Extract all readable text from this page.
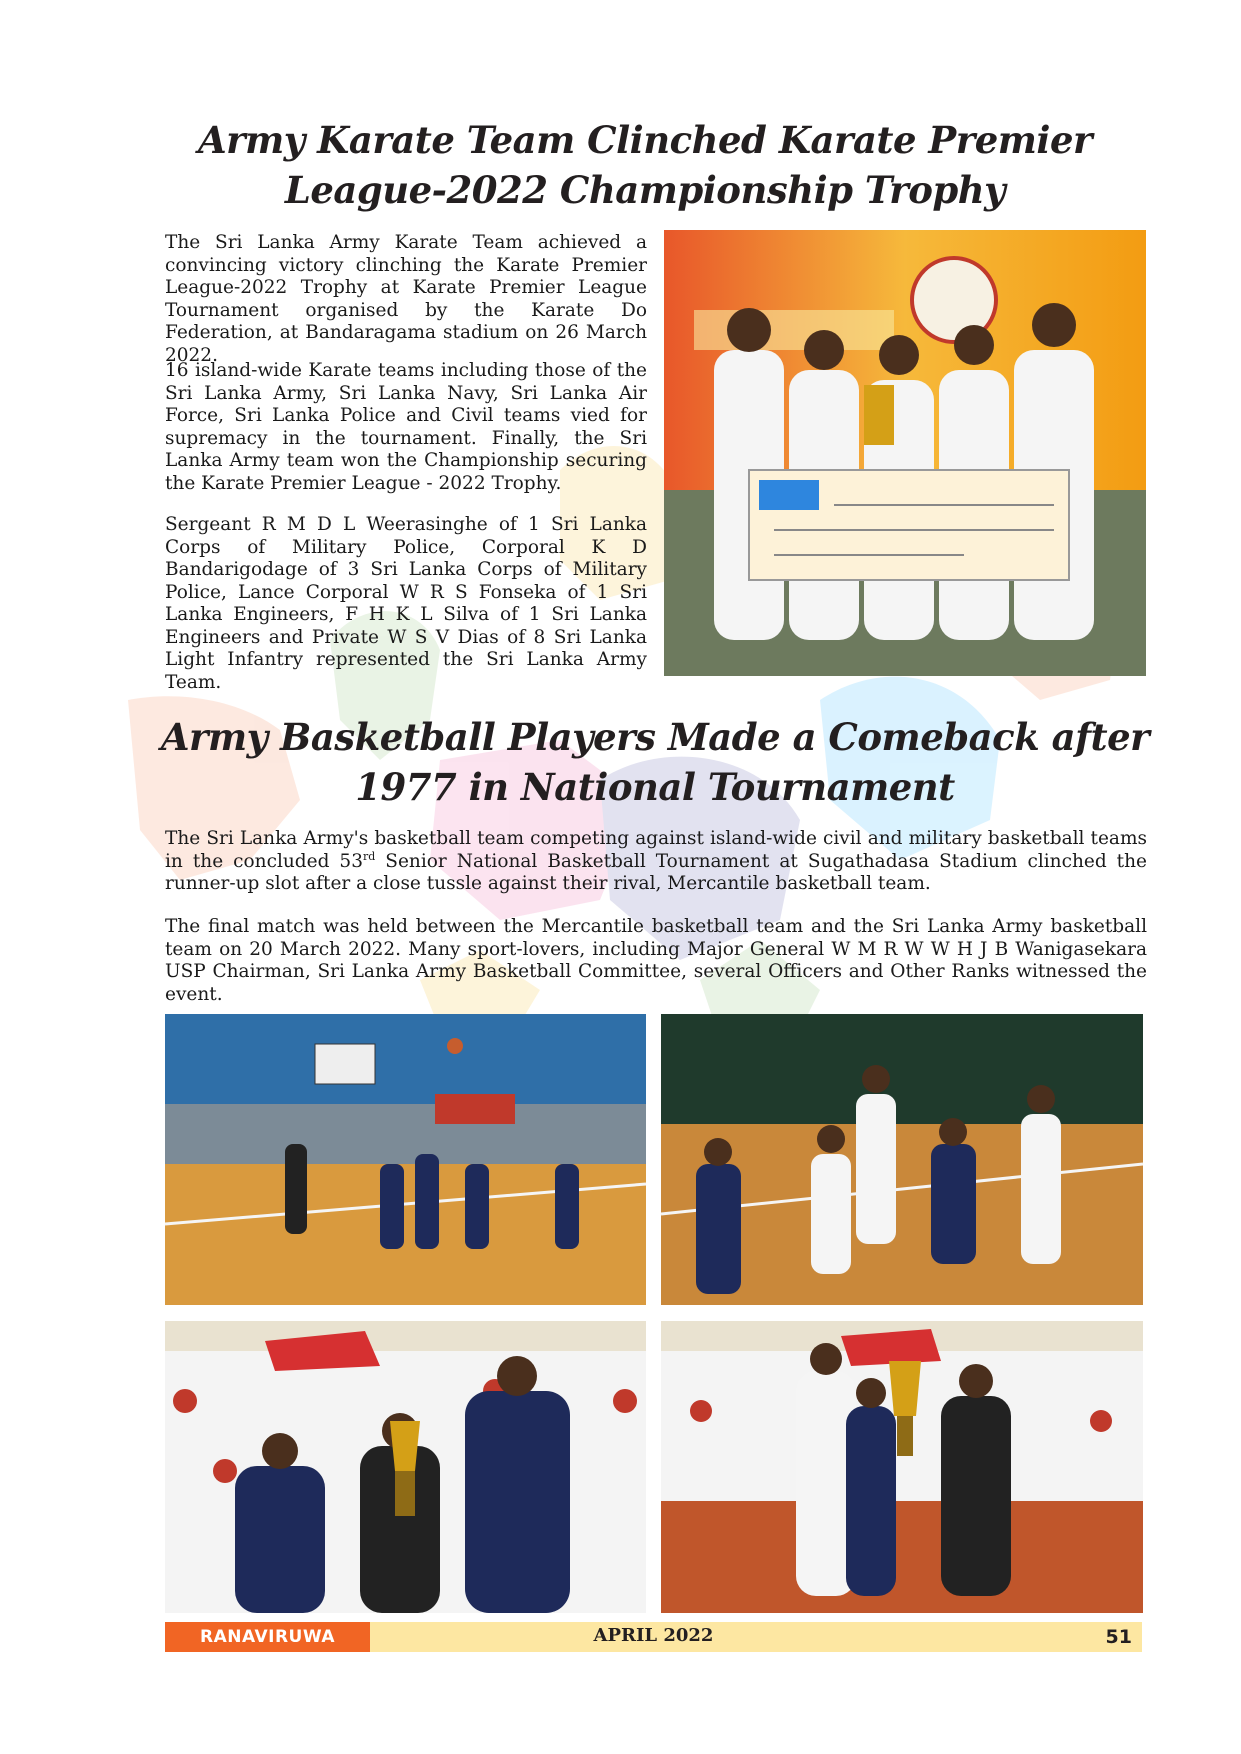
Army Karate Team Clinched Karate Premier League-2022 Championship Trophy

The Sri Lanka Army Karate Team achieved a convincing victory clinching the Karate Premier League-2022 Trophy at Karate Premier League Tournament organised by the Karate Do Federation, at Bandaragama stadium on 26 March 2022.

16 island-wide Karate teams including those of the Sri Lanka Army, Sri Lanka Navy, Sri Lanka Air Force, Sri Lanka Police and Civil teams vied for supremacy in the tournament. Finally, the Sri Lanka Army team won the Championship securing the Karate Premier League - 2022 Trophy.

Sergeant R M D L Weerasinghe of 1 Sri Lanka Corps of Military Police, Corporal K D Bandarigodage of 3 Sri Lanka Corps of Military Police, Lance Corporal W R S Fonseka of 1 Sri Lanka Engineers, F H K L Silva of 1 Sri Lanka Engineers and Private W S V Dias of 8 Sri Lanka Light Infantry represented the Sri Lanka Army Team.

Army Basketball Players Made a Comeback after 1977 in National Tournament

The Sri Lanka Army's basketball team competing against island-wide civil and military basketball teams in the concluded 53rd Senior National Basketball Tournament at Sugathadasa Stadium clinched the runner-up slot after a close tussle against their rival, Mercantile basketball team.

The final match was held between the Mercantile basketball team and the Sri Lanka Army basketball team on 20 March 2022. Many sport-lovers, including Major General W M R W W H J B Wanigasekara USP Chairman, Sri Lanka Army Basketball Committee, several Officers and Other Ranks witnessed the event.

APRIL 2022
RANAVIRUWA	51
